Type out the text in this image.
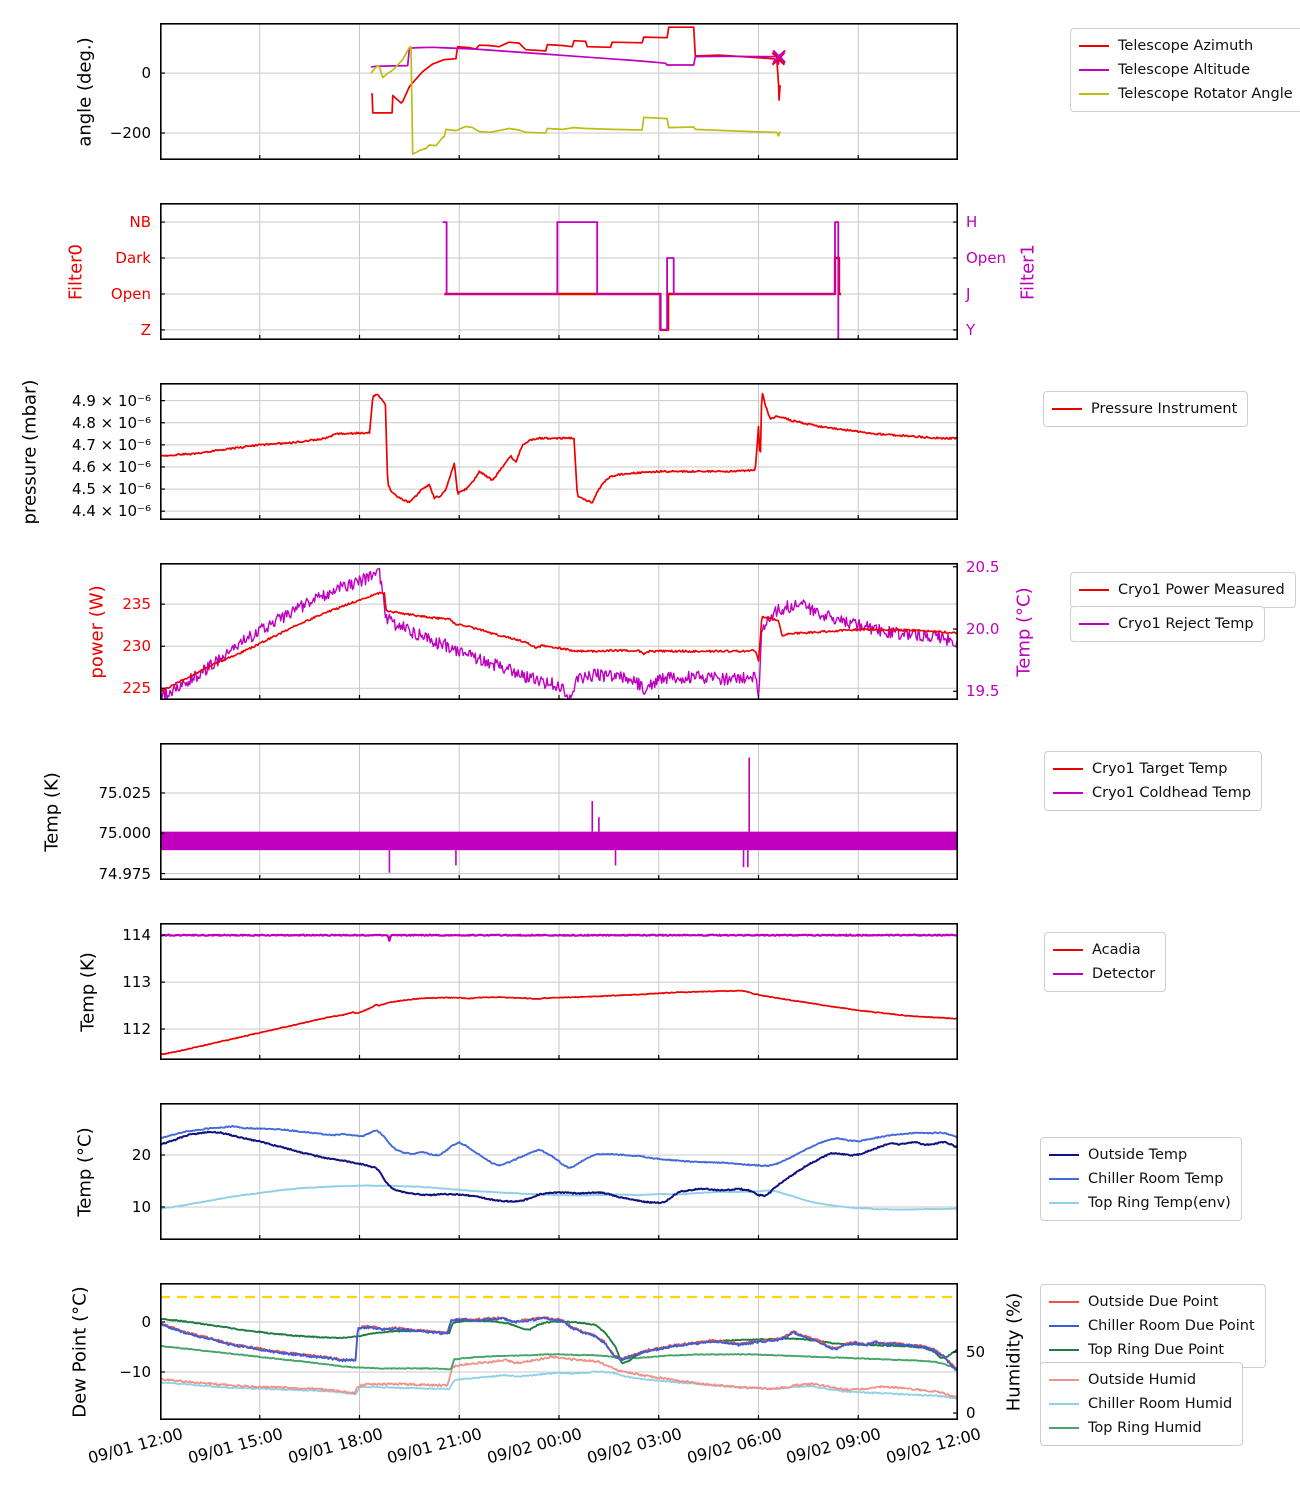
0
−200
angle (deg.)	Telescope Azimuth
Telescope Altitude
Telescope Rotator Angle
NB
Dark
Open
Z
H
Open
J
Y
Filter0	Filter1
4.9 × 10⁻⁶
4.8 × 10⁻⁶
4.7 × 10⁻⁶
4.6 × 10⁻⁶
4.5 × 10⁻⁶
4.4 × 10⁻⁶
pressure (mbar)	Pressure Instrument
235
230
225
20.5
20.0
19.5
power (W)	Temp (°C)	Cryo1 Power Measured
Cryo1 Reject Temp
75.025
75.000
74.975
Temp (K)
Cryo1 Target Temp
Cryo1 Coldhead Temp
114
113
112
Temp (K)
Acadia
Detector
20
10
Temp (°C)	Outside Temp
Chiller Room Temp
Top Ring Temp(env)
0
−10
50
0
Dew Point (°C)	Humidity (%)	Outside Due Point
Chiller Room Due Point
Top Ring Due Point
Outside Humid
Chiller Room Humid
Top Ring Humid
09/01 12:00 09/01 15:00 09/01 18:00 09/01 21:00 09/02 00:00 09/02 03:00 09/02 06:00 09/02 09:00 09/02 12:00
